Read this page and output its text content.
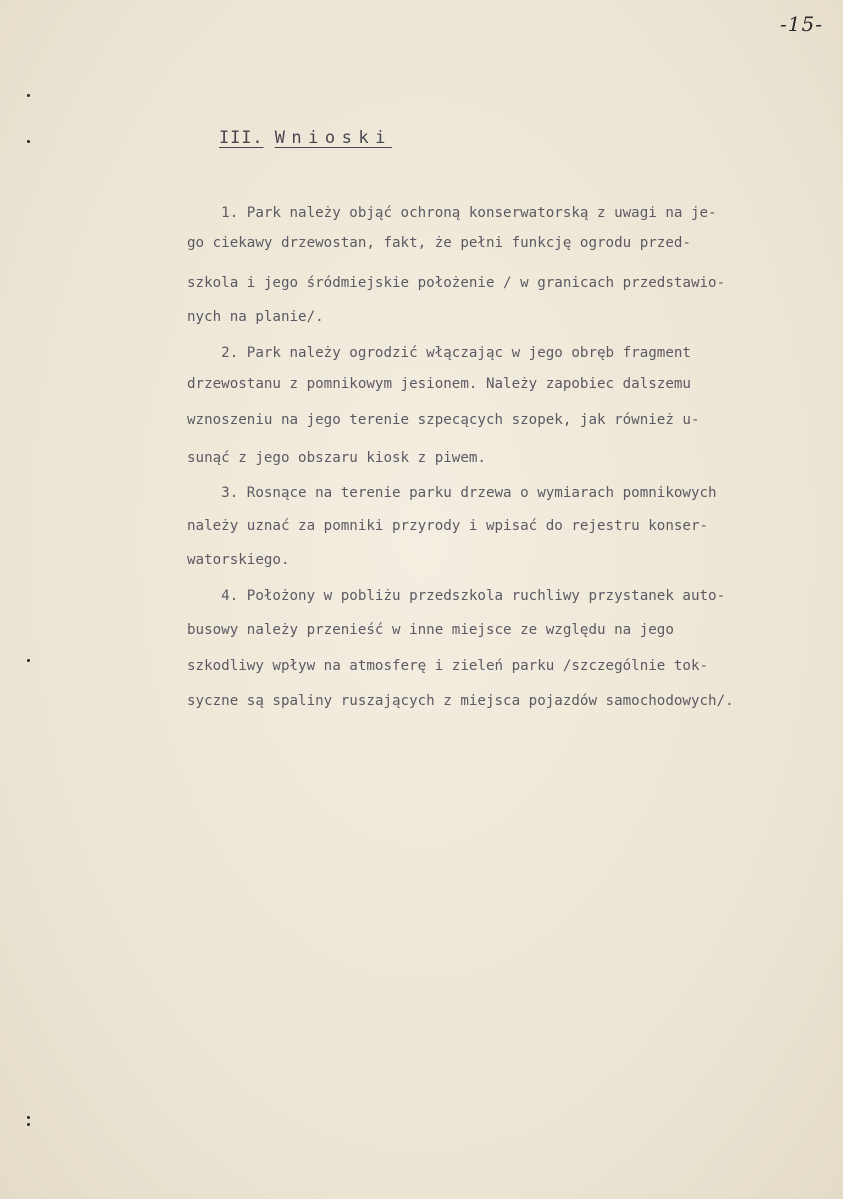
-15-
III. Wnioski
1. Park należy objąć ochroną konserwatorską z uwagi na je-
go ciekawy drzewostan, fakt, że pełni funkcję ogrodu przed-
szkola i jego śródmiejskie położenie / w granicach przedstawio-
nych na planie/.
2. Park należy ogrodzić włączając w jego obręb fragment
drzewostanu z pomnikowym jesionem. Należy zapobiec dalszemu
wznoszeniu na jego terenie szpecących szopek, jak również u-
sunąć z jego obszaru kiosk z piwem.
3. Rosnące na terenie parku drzewa o wymiarach pomnikowych
należy uznać za pomniki przyrody i wpisać do rejestru konser-
watorskiego.
4. Położony w pobliżu przedszkola ruchliwy przystanek auto-
busowy należy przenieść w inne miejsce ze względu na jego
szkodliwy wpływ na atmosferę i zieleń parku /szczególnie tok-
syczne są spaliny ruszających z miejsca pojazdów samochodowych/.
